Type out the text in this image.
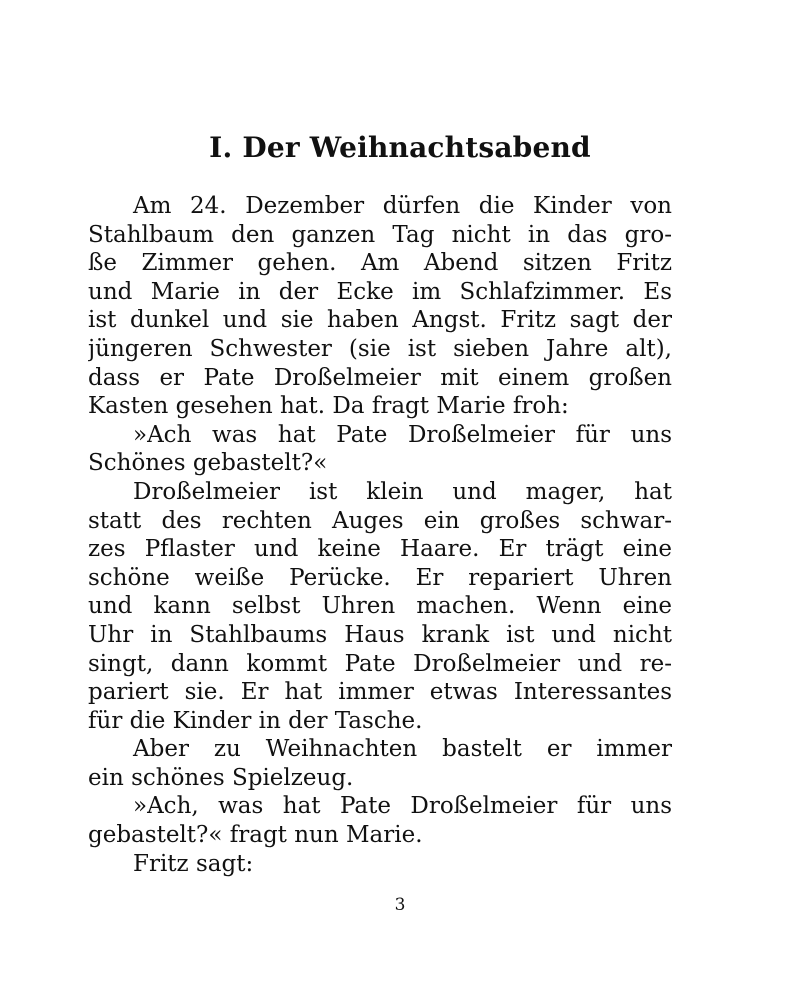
I. Der Weihnachtsabend
Am 24. Dezember dürfen die Kinder von
Stahlbaum den ganzen Tag nicht in das gro-
ße Zimmer gehen. Am Abend sitzen Fritz
und Marie in der Ecke im Schlafzimmer. Es
ist dunkel und sie haben Angst. Fritz sagt der
jüngeren Schwester (sie ist sieben Jahre alt),
dass er Pate Droßelmeier mit einem großen
Kasten gesehen hat. Da fragt Marie froh:
»Ach was hat Pate Droßelmeier für uns
Schönes gebastelt?«
Droßelmeier ist klein und mager, hat
statt des rechten Auges ein großes schwar-
zes Pflaster und keine Haare. Er trägt eine
schöne weiße Perücke. Er repariert Uhren
und kann selbst Uhren machen. Wenn eine
Uhr in Stahlbaums Haus krank ist und nicht
singt, dann kommt Pate Droßelmeier und re-
pariert sie. Er hat immer etwas Interessantes
für die Kinder in der Tasche.
Aber zu Weihnachten bastelt er immer
ein schönes Spielzeug.
»Ach, was hat Pate Droßelmeier für uns
gebastelt?« fragt nun Marie.
Fritz sagt:
3
